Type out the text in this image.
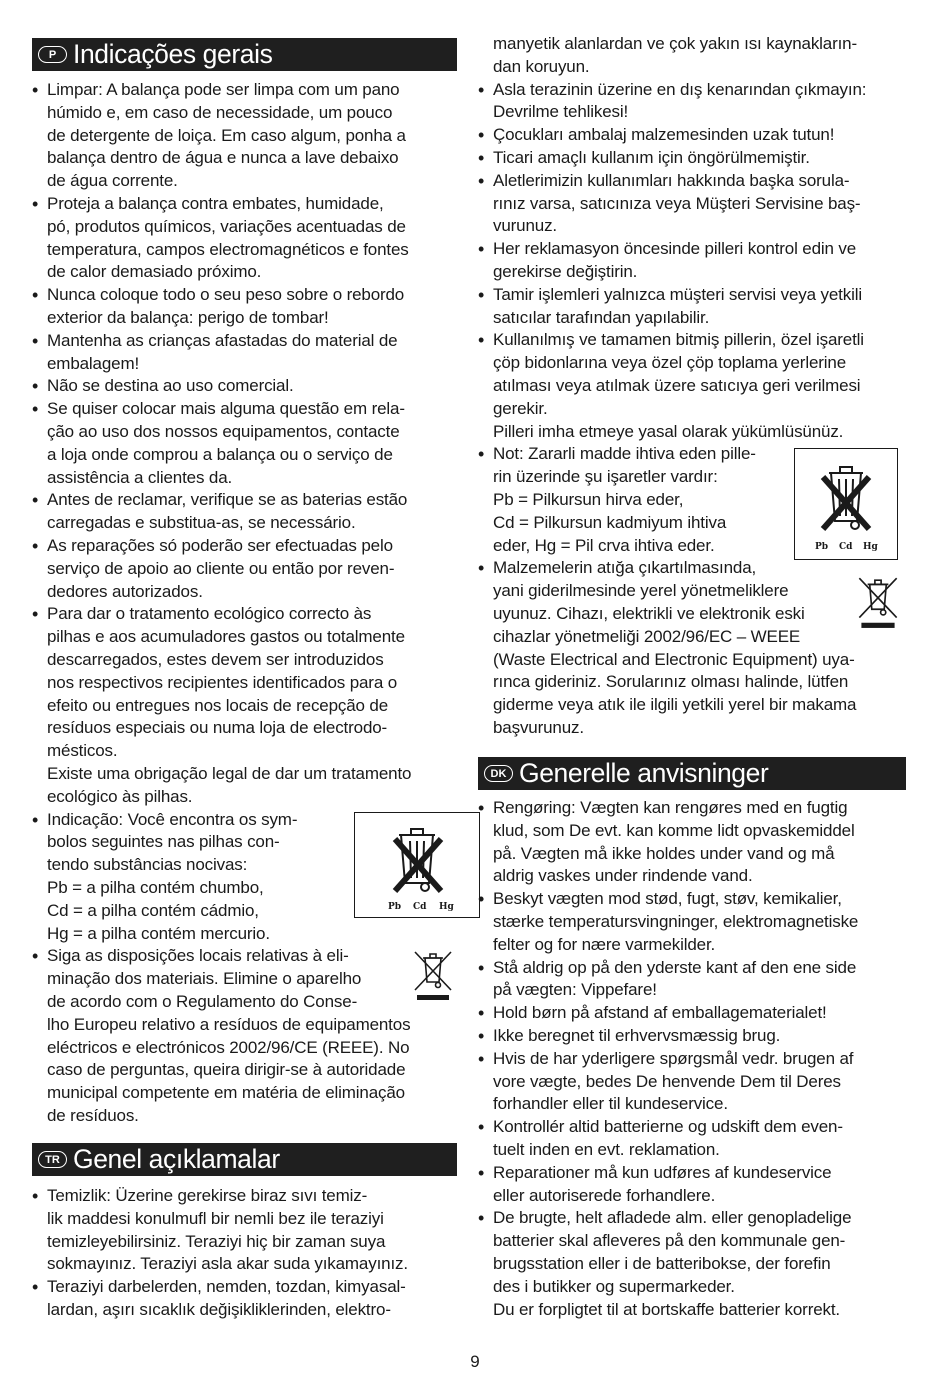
P Indicações gerais
• Limpar: A balança pode ser limpa com um pano
húmido e, em caso de necessidade, um pouco
de detergente de loiça. Em caso algum, ponha a
balança dentro de água e nunca a lave debaixo
de água corrente.
• Proteja a balança contra embates, humidade,
pó, produtos químicos, variações acentuadas de
temperatura, campos electromagnéticos e fontes
de calor demasiado próximo.
• Nunca coloque todo o seu peso sobre o rebordo
exterior da balança: perigo de tombar!
• Mantenha as crianças afastadas do material de
embalagem!
• Não se destina ao uso comercial.
• Se quiser colocar mais alguma questão em rela-
ção ao uso dos nossos equipamentos, contacte
a loja onde comprou a balança ou o serviço de
assistência a clientes da.
• Antes de reclamar, verifique se as baterias estão
carregadas e substitua-as, se necessário.
• As reparações só poderão ser efectuadas pelo
serviço de apoio ao cliente ou então por reven-
dedores autorizados.
• Para dar o tratamento ecológico correcto às
pilhas e aos acumuladores gastos ou totalmente
descarregados, estes devem ser introduzidos
nos respectivos recipientes identificados para o
efeito ou entregues nos locais de recepção de
resíduos especiais ou numa loja de electrodo-
mésticos.
Existe uma obrigação legal de dar um tratamento
ecológico às pilhas.
• Indicação: Você encontra os sym-
bolos seguintes nas pilhas con-
tendo substâncias nocivas:
Pb = a pilha contém chumbo,
Cd = a pilha contém cádmio,
Hg = a pilha contém mercurio.
• Siga as disposições locais relativas à eli-
minação dos materiais. Elimine o aparelho
de acordo com o Regulamento do Conse-
lho Europeu relativo a resíduos de equipamentos
eléctricos e electrónicos 2002/96/CE (REEE). No
caso de perguntas, queira dirigir-se à autoridade
municipal competente em matéria de eliminação
de resíduos.
Pb Cd Hg
TR Genel açıklamalar
• Temizlik: Üzerine gerekirse biraz sıvı temiz-
lik maddesi konulmufl bir nemli bez ile teraziyi
temizleyebilirsiniz. Teraziyi hiç bir zaman suya
sokmayınız. Teraziyi asla akar suda yıkamayınız.
• Teraziyi darbelerden, nemden, tozdan, kimyasal-
lardan, aşırı sıcaklık değişikliklerinden, elektro-
manyetik alanlardan ve çok yakın ısı kaynakların-
dan koruyun.
• Asla terazinin üzerine en dış kenarından çıkmayın:
Devrilme tehlikesi!
• Çocukları ambalaj malzemesinden uzak tutun!
• Ticari amaçlı kullanım için öngörülmemiştir.
• Aletlerimizin kullanımları hakkında başka sorula-
rınız varsa, satıcınıza veya Müşteri Servisine baş-
vurunuz.
• Her reklamasyon öncesinde pilleri kontrol edin ve
gerekirse değiştirin.
• Tamir işlemleri yalnızca müşteri servisi veya yetkili
satıcılar tarafından yapılabilir.
• Kullanılmış ve tamamen bitmiş pillerin, özel işaretli
çöp bidonlarına veya özel çöp toplama yerlerine
atılması veya atılmak üzere satıcıya geri verilmesi
gerekir.
Pilleri imha etmeye yasal olarak yükümlüsünüz.
• Not: Zararli madde ihtiva eden pille-
rin üzerinde şu işaretler vardır:
Pb = Pilkursun hirva eder,
Cd = Pilkursun kadmiyum ihtiva
eder, Hg = Pil crva ihtiva eder.
• Malzemelerin atığa çıkartılmasında,
yani giderilmesinde yerel yönetmeliklere
uyunuz. Cihazı, elektrikli ve elektronik eski
cihazlar yönetmeliği 2002/96/EC – WEEE
(Waste Electrical and Electronic Equipment) uya-
rınca gideriniz. Sorularınız olması halinde, lütfen
giderme veya atık ile ilgili yetkili yerel bir makama
başvurunuz.
Pb Cd Hg
DK Generelle anvisninger
• Rengøring: Vægten kan rengøres med en fugtig
klud, som De evt. kan komme lidt opvaskemiddel
på. Vægten må ikke holdes under vand og må
aldrig vaskes under rindende vand.
• Beskyt vægten mod stød, fugt, støv, kemikalier,
stærke temperatursvingninger, elektromagnetiske
felter og for nære varmekilder.
• Stå aldrig op på den yderste kant af den ene side
på vægten: Vippefare!
• Hold børn på afstand af emballagematerialet!
• Ikke beregnet til erhvervsmæssig brug.
• Hvis de har yderligere spørgsmål vedr. brugen af
vore vægte, bedes De henvende Dem til Deres
forhandler eller til kundeservice.
• Kontrollér altid batterierne og udskift dem even-
tuelt inden en evt. reklamation.
• Reparationer må kun udføres af kundeservice
eller autoriserede forhandlere.
• De brugte, helt afladede alm. eller genopladelige
batterier skal afleveres på den kommunale gen-
brugsstation eller i de batteribokse, der forefin
des i butikker og supermarkeder.
Du er forpligtet til at bortskaffe batterier korrekt.
9
